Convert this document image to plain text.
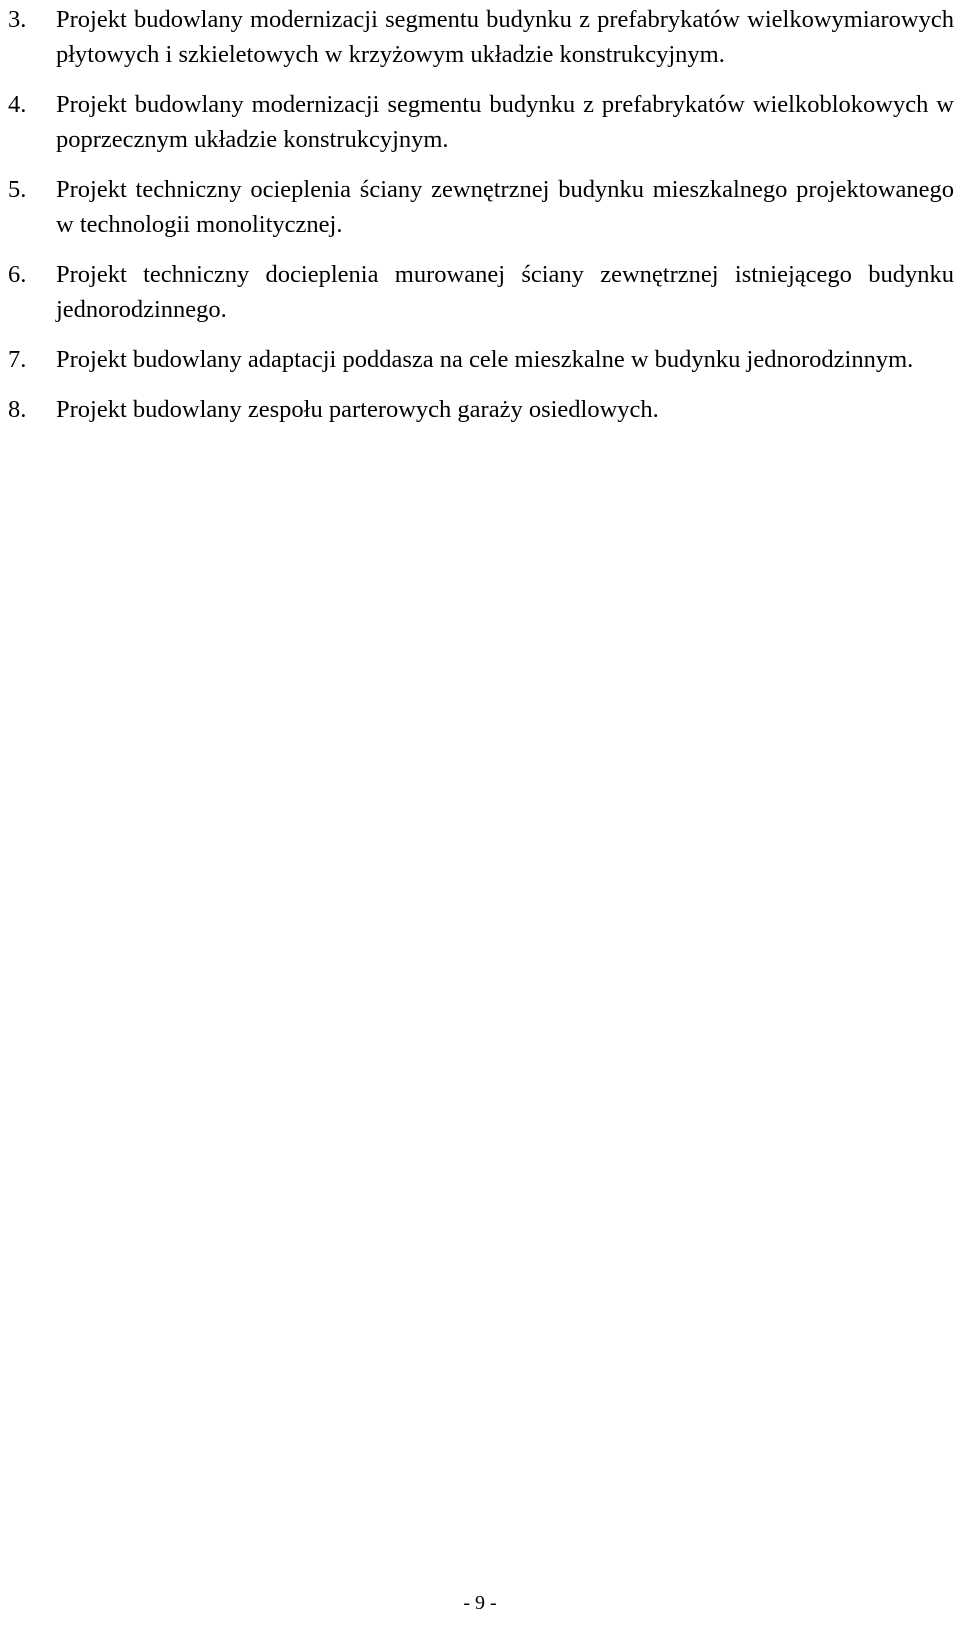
3.	Projekt budowlany modernizacji segmentu budynku z prefabrykatów wielkowymiarowych płytowych i szkieletowych w krzyżowym układzie konstrukcyjnym.
4.	Projekt budowlany modernizacji segmentu budynku z prefabrykatów wielkoblokowych w poprzecznym układzie konstrukcyjnym.
5.	Projekt techniczny ocieplenia ściany zewnętrznej budynku mieszkalnego projektowanego w technologii monolitycznej.
6.	Projekt techniczny docieplenia murowanej ściany zewnętrznej istniejącego budynku jednorodzinnego.
7.	Projekt budowlany adaptacji poddasza na cele mieszkalne w budynku jednorodzinnym.
8.	Projekt budowlany zespołu parterowych garaży osiedlowych.
- 9 -
